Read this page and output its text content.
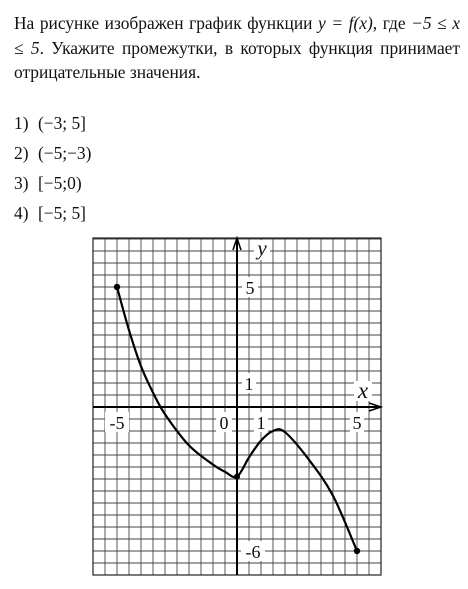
На рисунке изображен график функции y = f(x), где −5 ≤ x ≤ 5. Укажите промежутки, в которых функция принимает отрицательные значения.
1) (−3; 5]
2) (−5;−3)
3) [−5;0)
4) [−5; 5]
-5	0 1	5
5
1
-6
y
x
